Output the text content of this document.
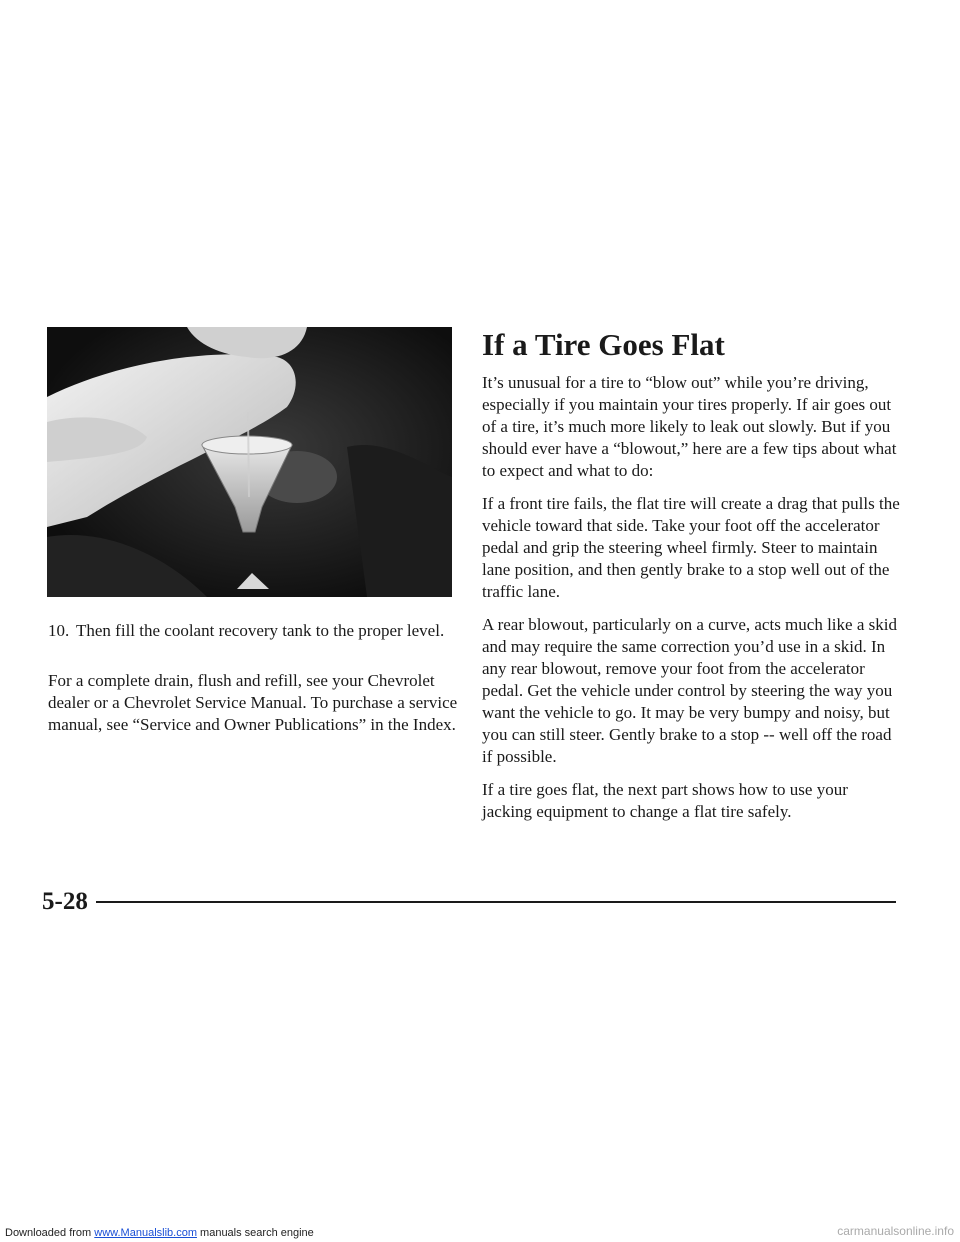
10. Then fill the coolant recovery tank to the proper level.

For a complete drain, flush and refill, see your Chevrolet dealer or a Chevrolet Service Manual. To purchase a service manual, see “Service and Owner Publications” in the Index.

If a Tire Goes Flat

It’s unusual for a tire to “blow out” while you’re driving, especially if you maintain your tires properly. If air goes out of a tire, it’s much more likely to leak out slowly. But if you should ever have a “blowout,” here are a few tips about what to expect and what to do:

If a front tire fails, the flat tire will create a drag that pulls the vehicle toward that side. Take your foot off the accelerator pedal and grip the steering wheel firmly. Steer to maintain lane position, and then gently brake to a stop well out of the traffic lane.

A rear blowout, particularly on a curve, acts much like a skid and may require the same correction you’d use in a skid. In any rear blowout, remove your foot from the accelerator pedal. Get the vehicle under control by steering the way you want the vehicle to go. It may be very bumpy and noisy, but you can still steer. Gently brake to a stop -- well off the road if possible.

If a tire goes flat, the next part shows how to use your jacking equipment to change a flat tire safely.

5-28
Downloaded from www.Manualslib.com manuals search engine	carmanualsonline.info
